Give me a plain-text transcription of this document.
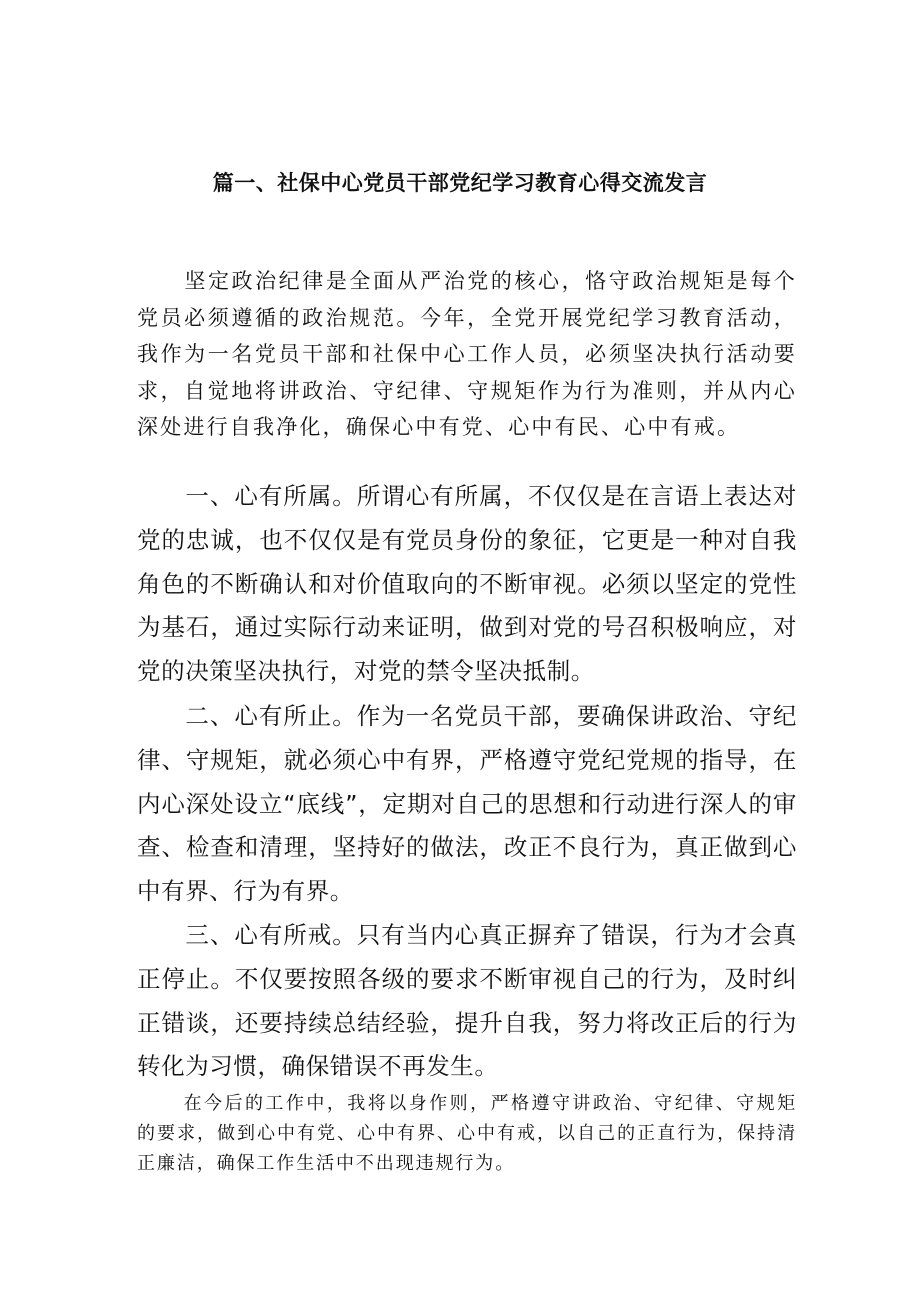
篇一、社保中心党员干部党纪学习教育心得交流发言

坚定政治纪律是全面从严治党的核心，恪守政治规矩是每个党员必须遵循的政治规范。今年，全党开展党纪学习教育活动，我作为一名党员干部和社保中心工作人员，必须坚决执行活动要求，自觉地将讲政治、守纪律、守规矩作为行为准则，并从内心深处进行自我净化，确保心中有党、心中有民、心中有戒。

一、心有所属。所谓心有所属，不仅仅是在言语上表达对党的忠诚，也不仅仅是有党员身份的象征，它更是一种对自我角色的不断确认和对价值取向的不断审视。必须以坚定的党性为基石，通过实际行动来证明，做到对党的号召积极响应，对党的决策坚决执行，对党的禁令坚决抵制。

二、心有所止。作为一名党员干部，要确保讲政治、守纪律、守规矩，就必须心中有界，严格遵守党纪党规的指导，在内心深处设立“底线”，定期对自己的思想和行动进行深人的审查、检查和清理，坚持好的做法，改正不良行为，真正做到心中有界、行为有界。

三、心有所戒。只有当内心真正摒弃了错误，行为才会真正停止。不仅要按照各级的要求不断审视自己的行为，及时纠正错谈，还要持续总结经验，提升自我，努力将改正后的行为转化为习惯，确保错误不再发生。

在今后的工作中，我将以身作则，严格遵守讲政治、守纪律、守规矩的要求，做到心中有党、心中有界、心中有戒，以自己的正直行为，保持清正廉洁，确保工作生活中不出现违规行为。
